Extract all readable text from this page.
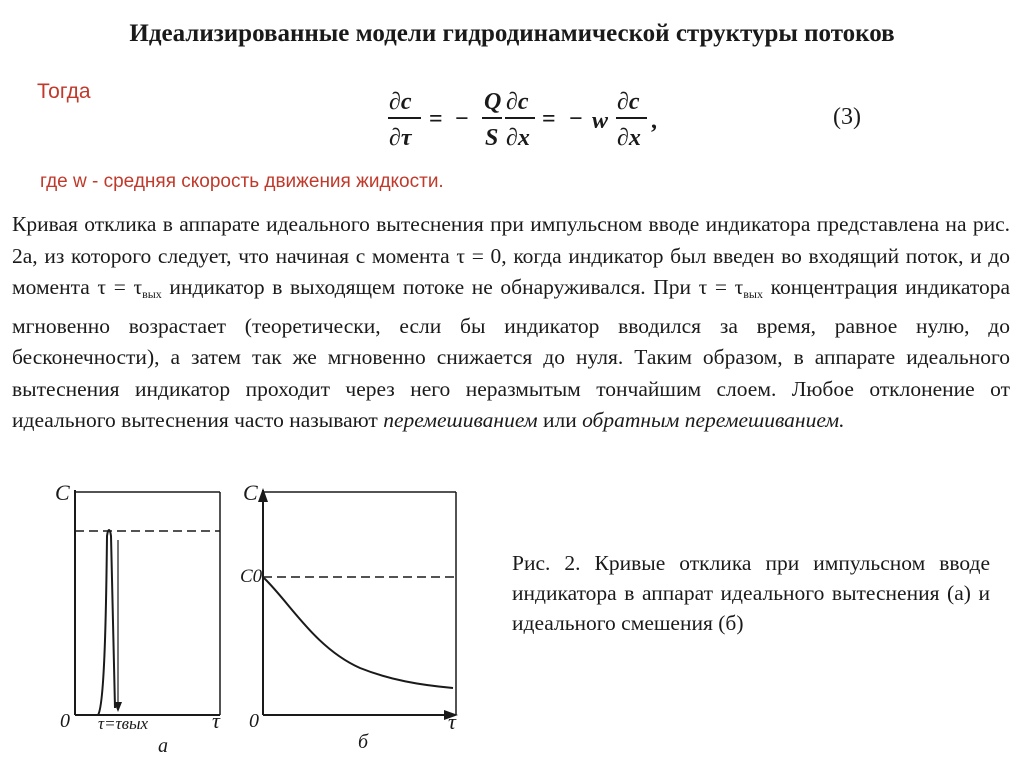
Идеализированные модели гидродинамической структуры потоков
Тогда	∂c
∂τ
= −
Q
S
∂c
∂x
= − w
∂c
∂x
,	(3)
где w - средняя скорость движения жидкости.
Кривая отклика в аппарате идеального вытеснения при импульсном вводе индикатора представлена на рис. 2а, из которого следует, что начиная с момента τ = 0, когда индикатор был введен во входящий поток, и до момента $\tau = \tau_{вых}$ индикатор в выходящем потоке не обнаруживался. При $\tau = \tau_{вых}$ концентрация индикатора мгновенно возрастает (теоретически, если бы индикатор вводился за время, равное нулю, до бесконечности), а затем так же мгновенно снижается до нуля. Таким образом, в аппарате идеального вытеснения индикатор проходит через него неразмытым тончайшим слоем. Любое отклонение от идеального вытеснения часто называют перемешиванием или обратным перемешиванием.
C
0 τ=τвых	τ
а
C
C0
0	τ
б
Рис. 2. Кривые отклика при импульсном вводе индикатора в аппарат идеального вытеснения (а) и идеального смешения (б)
